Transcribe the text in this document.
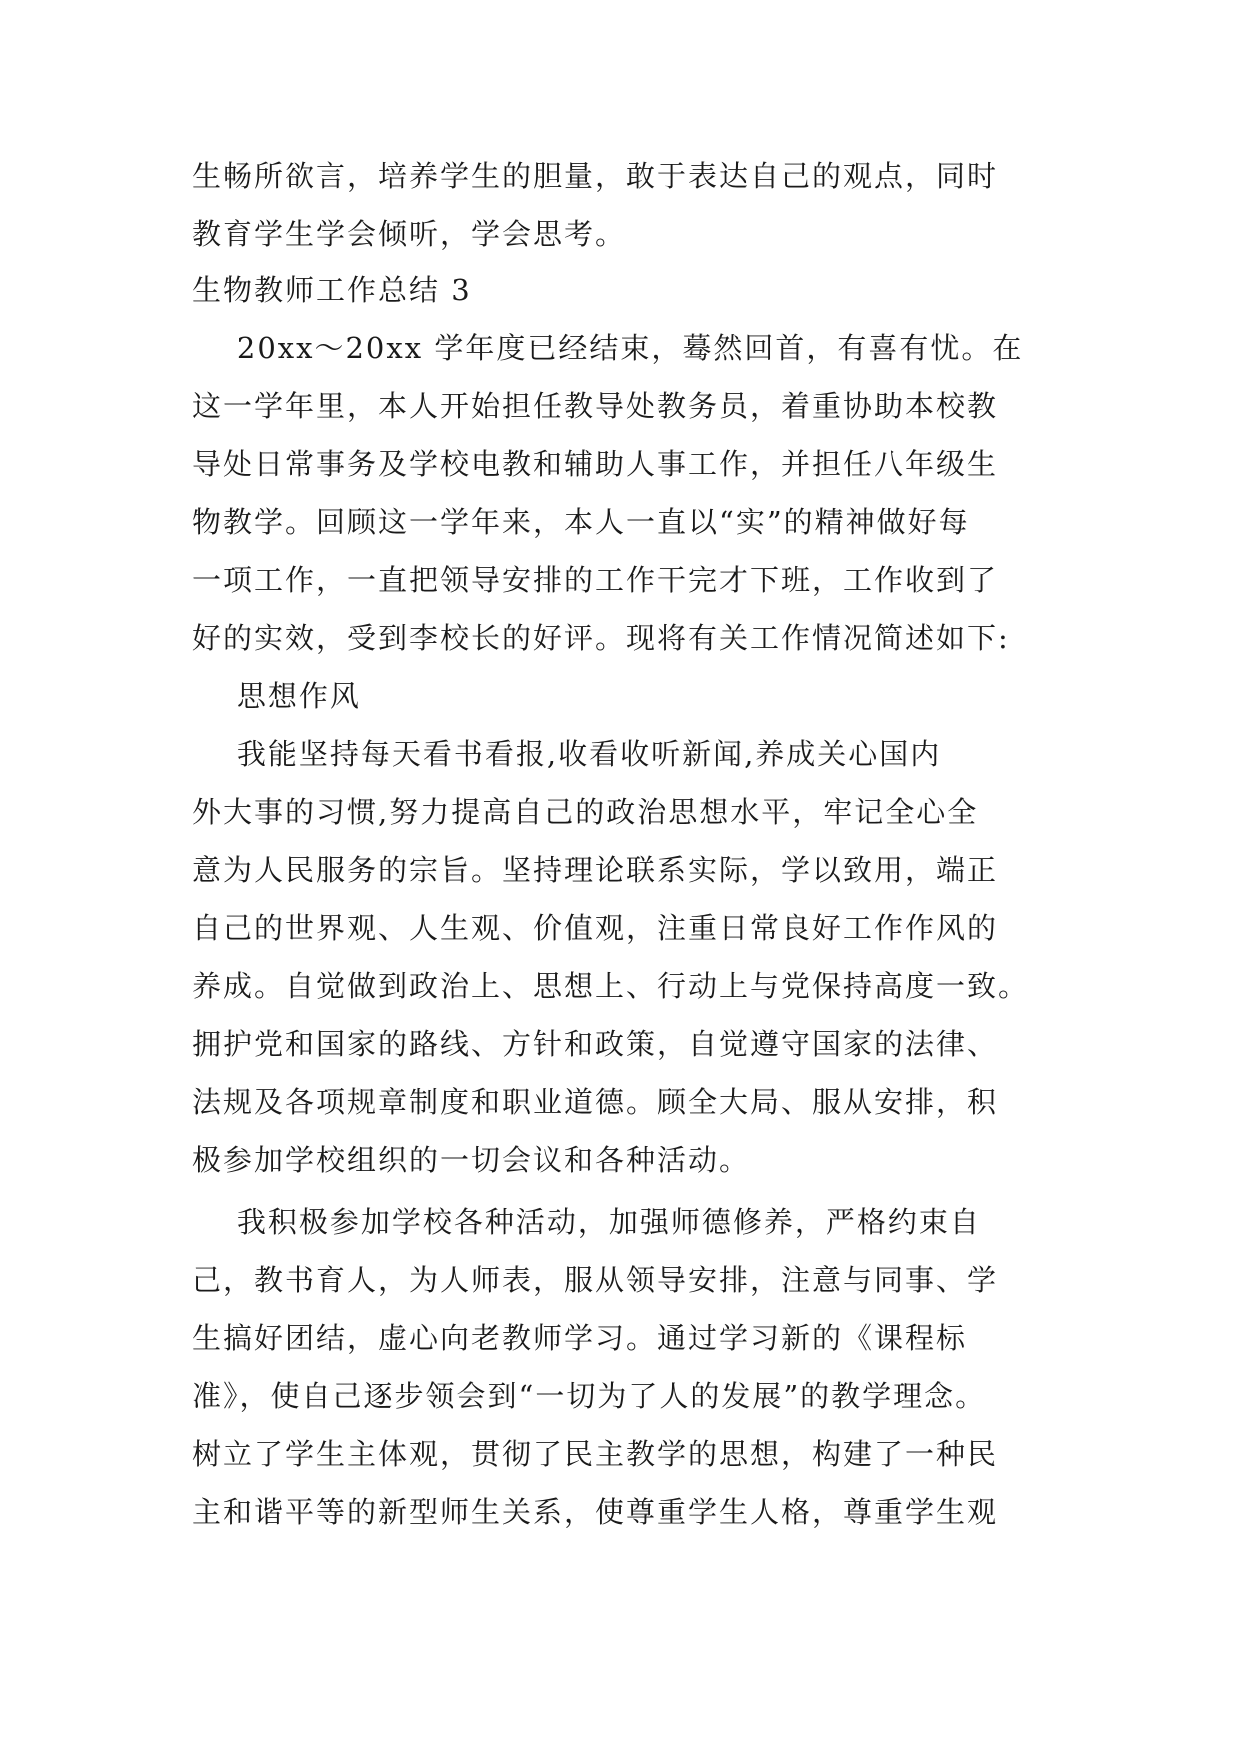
生畅所欲言，培养学生的胆量，敢于表达自己的观点，同时
教育学生学会倾听，学会思考。
生物教师工作总结 3
20xx～20xx 学年度已经结束，蓦然回首，有喜有忧。在
这一学年里，本人开始担任教导处教务员，着重协助本校教
导处日常事务及学校电教和辅助人事工作，并担任八年级生
物教学。回顾这一学年来，本人一直以“实”的精神做好每
一项工作，一直把领导安排的工作干完才下班，工作收到了
好的实效，受到李校长的好评。现将有关工作情况简述如下:
思想作风
我能坚持每天看书看报,收看收听新闻,养成关心国内
外大事的习惯,努力提高自己的政治思想水平，牢记全心全
意为人民服务的宗旨。坚持理论联系实际，学以致用，端正
自己的世界观、人生观、价值观，注重日常良好工作作风的
养成。自觉做到政治上、思想上、行动上与党保持高度一致。
拥护党和国家的路线、方针和政策，自觉遵守国家的法律、
法规及各项规章制度和职业道德。顾全大局、服从安排，积
极参加学校组织的一切会议和各种活动。
我积极参加学校各种活动，加强师德修养，严格约束自
己，教书育人，为人师表，服从领导安排，注意与同事、学
生搞好团结，虚心向老教师学习。通过学习新的《课程标
准》，使自己逐步领会到“一切为了人的发展”的教学理念。
树立了学生主体观，贯彻了民主教学的思想，构建了一种民
主和谐平等的新型师生关系，使尊重学生人格，尊重学生观
